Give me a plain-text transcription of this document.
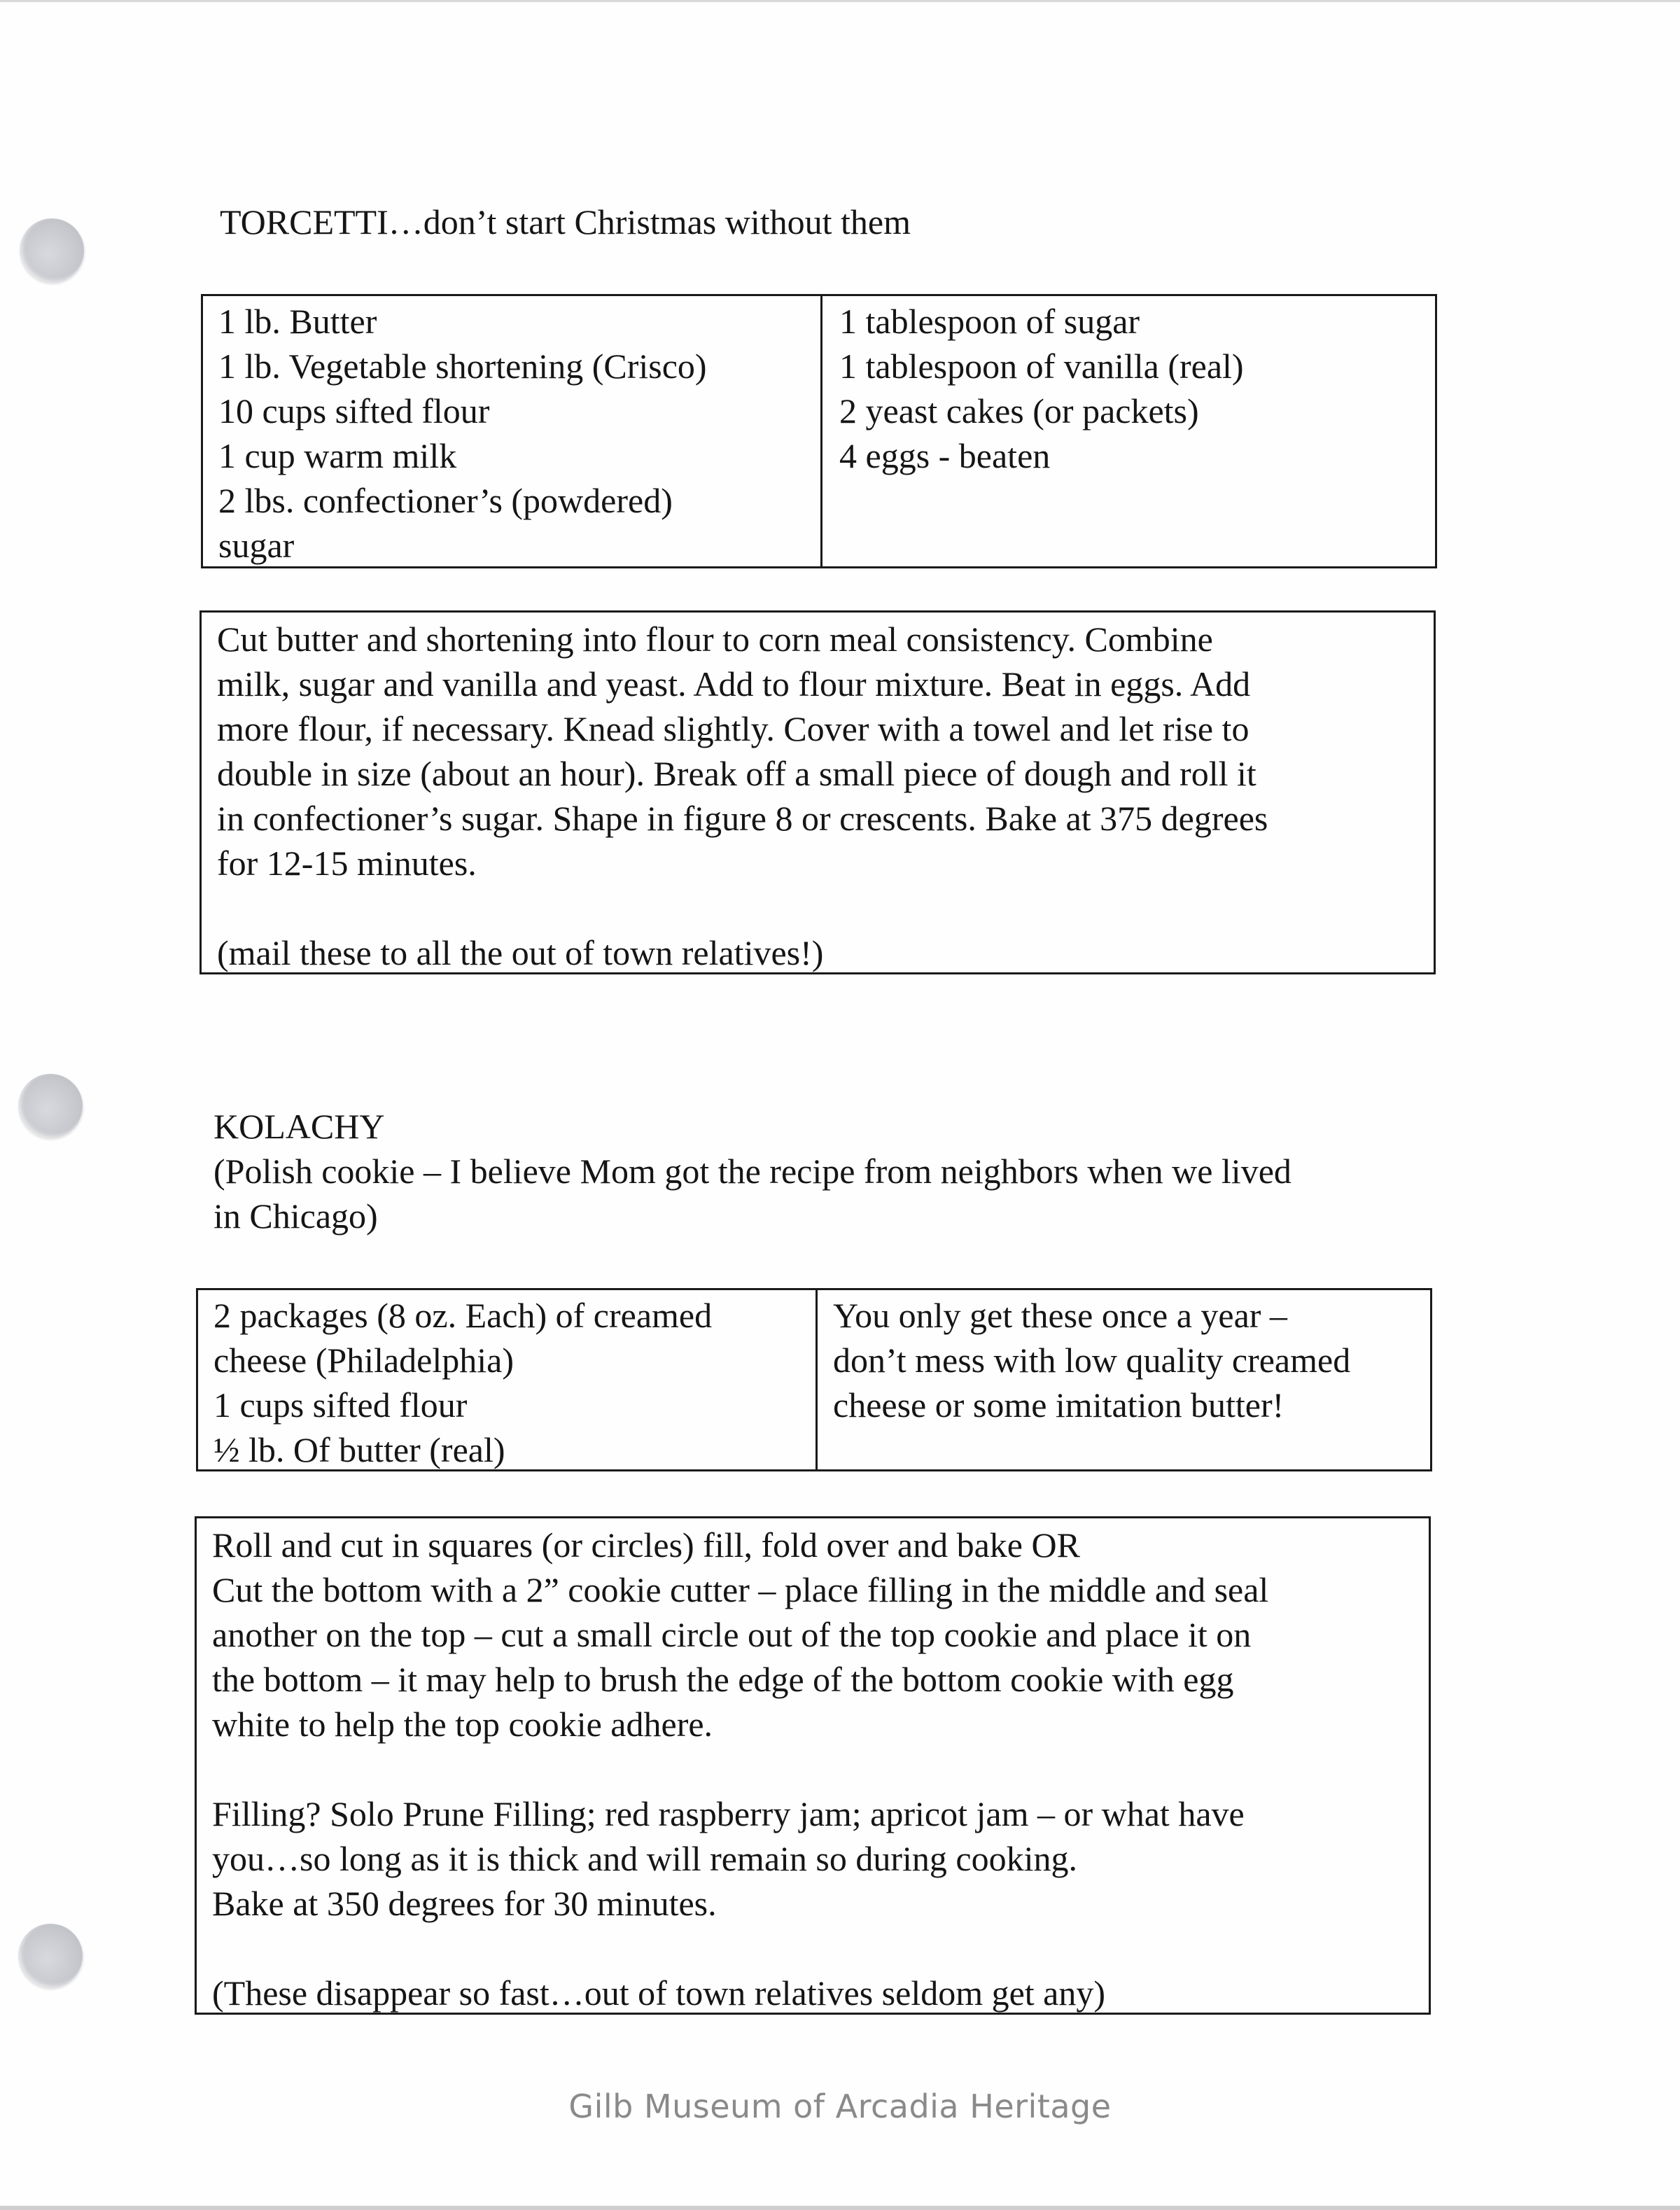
TORCETTI…don’t start Christmas without them
1 lb. Butter
1 lb. Vegetable shortening (Crisco)
10 cups sifted flour
1 cup warm milk
2 lbs. confectioner’s (powdered)
sugar
1 tablespoon of sugar
1 tablespoon of vanilla (real)
2 yeast cakes (or packets)
4 eggs - beaten
Cut butter and shortening into flour to corn meal consistency. Combine
milk, sugar and vanilla and yeast. Add to flour mixture. Beat in eggs. Add
more flour, if necessary. Knead slightly. Cover with a towel and let rise to
double in size (about an hour). Break off a small piece of dough and roll it
in confectioner’s sugar. Shape in figure 8 or crescents. Bake at 375 degrees
for 12-15 minutes.
(mail these to all the out of town relatives!)
KOLACHY
(Polish cookie – I believe Mom got the recipe from neighbors when we lived
in Chicago)
2 packages (8 oz. Each) of creamed
cheese (Philadelphia)
1 cups sifted flour
½ lb. Of butter (real)
You only get these once a year –
don’t mess with low quality creamed
cheese or some imitation butter!
Roll and cut in squares (or circles) fill, fold over and bake OR
Cut the bottom with a 2” cookie cutter – place filling in the middle and seal
another on the top – cut a small circle out of the top cookie and place it on
the bottom – it may help to brush the edge of the bottom cookie with egg
white to help the top cookie adhere.
Filling? Solo Prune Filling; red raspberry jam; apricot jam – or what have
you…so long as it is thick and will remain so during cooking.
Bake at 350 degrees for 30 minutes.
(These disappear so fast…out of town relatives seldom get any)
Gilb Museum of Arcadia Heritage
